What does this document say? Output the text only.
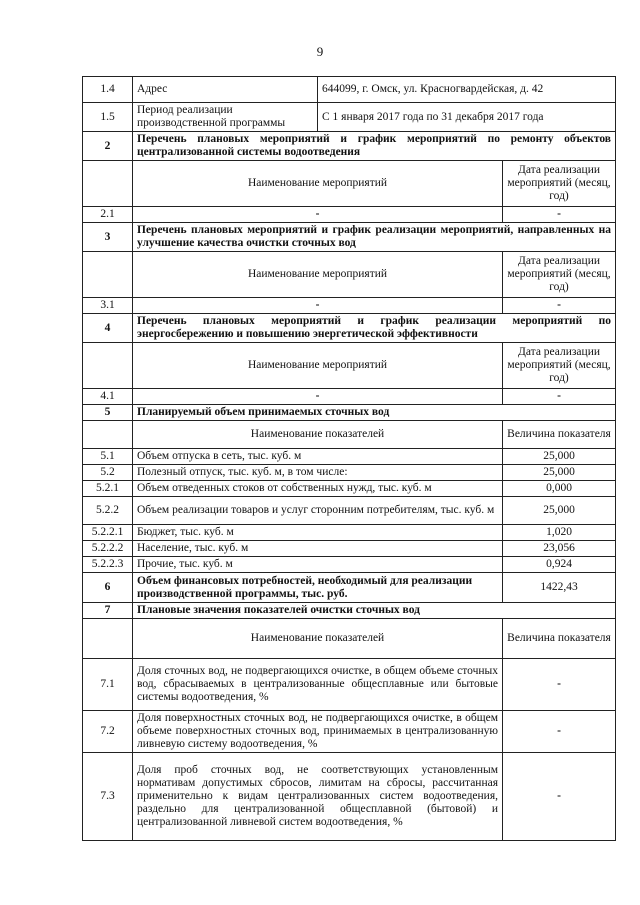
9
1.4	Адрес	644099, г. Омск, ул. Красногвардейская, д. 42	
1.5	Период реализации производственной программы	С 1 января 2017 года по 31 декабря 2017 года	
2	Перечень плановых мероприятий и график мероприятий по ремонту объектов централизованной системы водоотведения		
	Наименование мероприятий		Дата реализации мероприятий (месяц, год)
2.1	-		-
3	Перечень плановых мероприятий и график реализации мероприятий, направленных на улучшение качества очистки сточных вод		
	Наименование мероприятий		Дата реализации мероприятий (месяц, год)
3.1	-		-
4	Перечень плановых мероприятий и график реализации мероприятий по энергосбережению и повышению энергетической эффективности		
	Наименование мероприятий		Дата реализации мероприятий (месяц, год)
4.1	-		-
5	Планируемый объем принимаемых сточных вод		
	Наименование показателей		Величина показателя
5.1	Объем отпуска в сеть, тыс. куб. м		25,000
5.2	Полезный отпуск, тыс. куб. м, в том числе:		25,000
5.2.1	Объем отведенных стоков от собственных нужд, тыс. куб. м		0,000
5.2.2	Объем реализации товаров и услуг сторонним потребителям, тыс. куб. м		25,000
5.2.2.1	Бюджет, тыс. куб. м		1,020
5.2.2.2	Население, тыс. куб. м		23,056
5.2.2.3	Прочие, тыс. куб. м		0,924
6	Объем финансовых потребностей, необходимый для реализации производственной программы, тыс. руб.		1422,43
7	Плановые значения показателей очистки сточных вод		
	Наименование показателей		Величина показателя
7.1	Доля сточных вод, не подвергающихся очистке, в общем объеме сточных вод, сбрасываемых в централизованные общесплавные или бытовые системы водоотведения, %		-
7.2	Доля поверхностных сточных вод, не подвергающихся очистке, в общем объеме поверхностных сточных вод, принимаемых в централизованную ливневую систему водоотведения, %		-
7.3	Доля проб сточных вод, не соответствующих установленным нормативам допустимых сбросов, лимитам на сбросы, рассчитанная применительно к видам централизованных систем водоотведения, раздельно для централизованной общесплавной (бытовой) и централизованной ливневой систем водоотведения, %		-
